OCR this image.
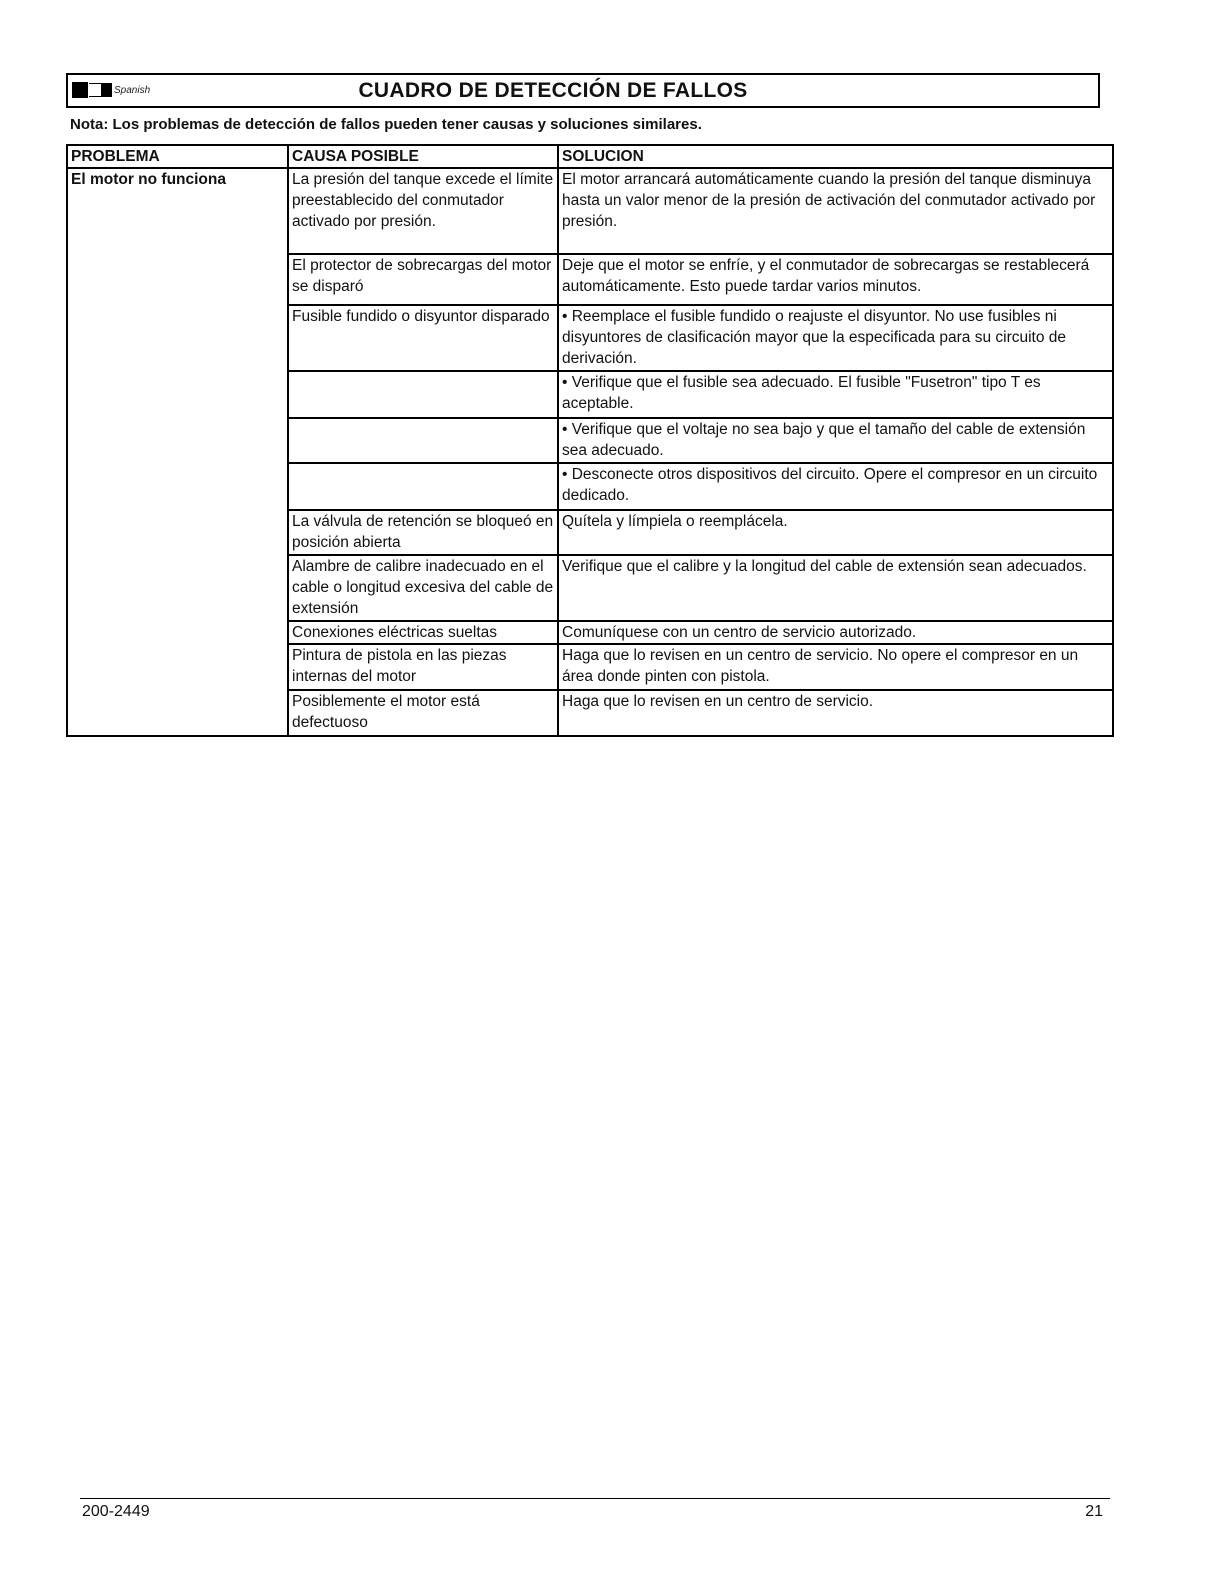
Spanish	CUADRO DE DETECCIÓN DE FALLOS
Nota: Los problemas de detección de fallos pueden tener causas y soluciones similares.
PROBLEMA	CAUSA POSIBLE	SOLUCION
El motor no funciona	La presión del tanque excede el límite preestablecido del conmutador activado por presión.	El motor arrancará automáticamente cuando la presión del tanque disminuya hasta un valor menor de la presión de activación del conmutador activado por presión.
	El protector de sobrecargas del motor se disparó	Deje que el motor se enfríe, y el conmutador de sobrecargas se restablecerá automáticamente. Esto puede tardar varios minutos.
	Fusible fundido o disyuntor disparado	• Reemplace el fusible fundido o reajuste el disyuntor. No use fusibles ni disyuntores de clasificación mayor que la especificada para su circuito de derivación.
		• Verifique que el fusible sea adecuado. El fusible "Fusetron" tipo T es aceptable.
		• Verifique que el voltaje no sea bajo y que el tamaño del cable de extensión sea adecuado.
		• Desconecte otros dispositivos del circuito. Opere el compresor en un circuito dedicado.
	La válvula de retención se bloqueó en posición abierta	Quítela y límpiela o reemplácela.
	Alambre de calibre inadecuado en el cable o longitud excesiva del cable de extensión	Verifique que el calibre y la longitud del cable de extensión sean adecuados.
	Conexiones eléctricas sueltas	Comuníquese con un centro de servicio autorizado.
	Pintura de pistola en las piezas internas del motor	Haga que lo revisen en un centro de servicio. No opere el compresor en un área donde pinten con pistola.
	Posiblemente el motor está defectuoso	Haga que lo revisen en un centro de servicio.
200-2449	21
